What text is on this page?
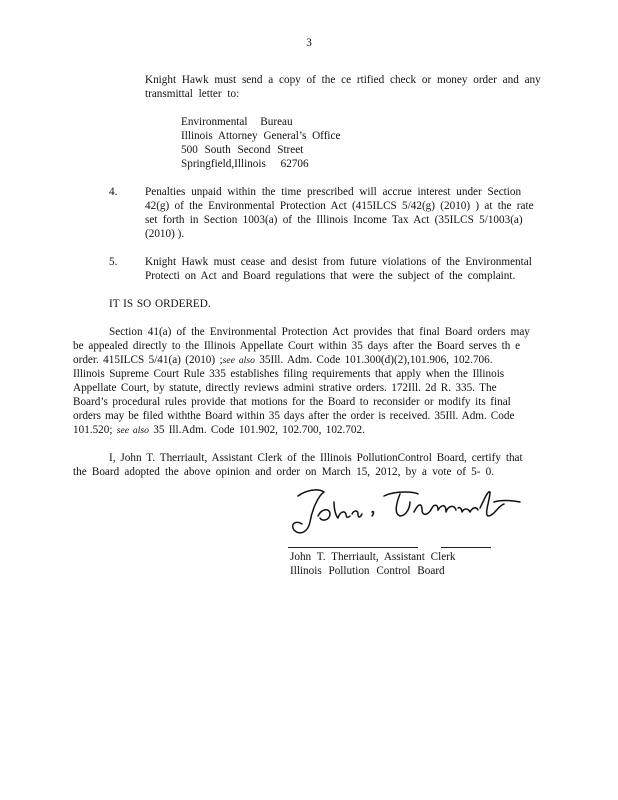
3
Knight Hawk must send a copy of the ce rtified check or money order and any
transmittal letter to:
Environmental Bureau
Illinois Attorney General’s Office
500 South Second Street
Springfield,Illinois 62706
4. Penalties unpaid within the time prescribed will accrue interest under Section
42(g) of the Environmental Protection Act (415ILCS 5/42(g) (2010) ) at the rate
set forth in Section 1003(a) of the Illinois Income Tax Act (35ILCS 5/1003(a)
(2010) ).
5. Knight Hawk must cease and desist from future violations of the Environmental
Protecti on Act and Board regulations that were the subject of the complaint.
IT IS SO ORDERED.
Section 41(a) of the Environmental Protection Act provides that final Board orders may
be appealed directly to the Illinois Appellate Court within 35 days after the Board serves th e
order. 415ILCS 5/41(a) (2010) ;see also 35Ill. Adm. Code 101.300(d)(2),101.906, 102.706.
Illinois Supreme Court Rule 335 establishes filing requirements that apply when the Illinois
Appellate Court, by statute, directly reviews admini strative orders. 172Ill. 2d R. 335. The
Board’s procedural rules provide that motions for the Board to reconsider or modify its final
orders may be filed withthe Board within 35 days after the order is received. 35Ill. Adm. Code
101.520; see also 35 Ill.Adm. Code 101.902, 102.700, 102.702.
I, John T. Therriault, Assistant Clerk of the Illinois PollutionControl Board, certify that
the Board adopted the above opinion and order on March 15, 2012, by a vote of 5- 0.
John T. Therriault, Assistant Clerk
Illinois Pollution Control Board
